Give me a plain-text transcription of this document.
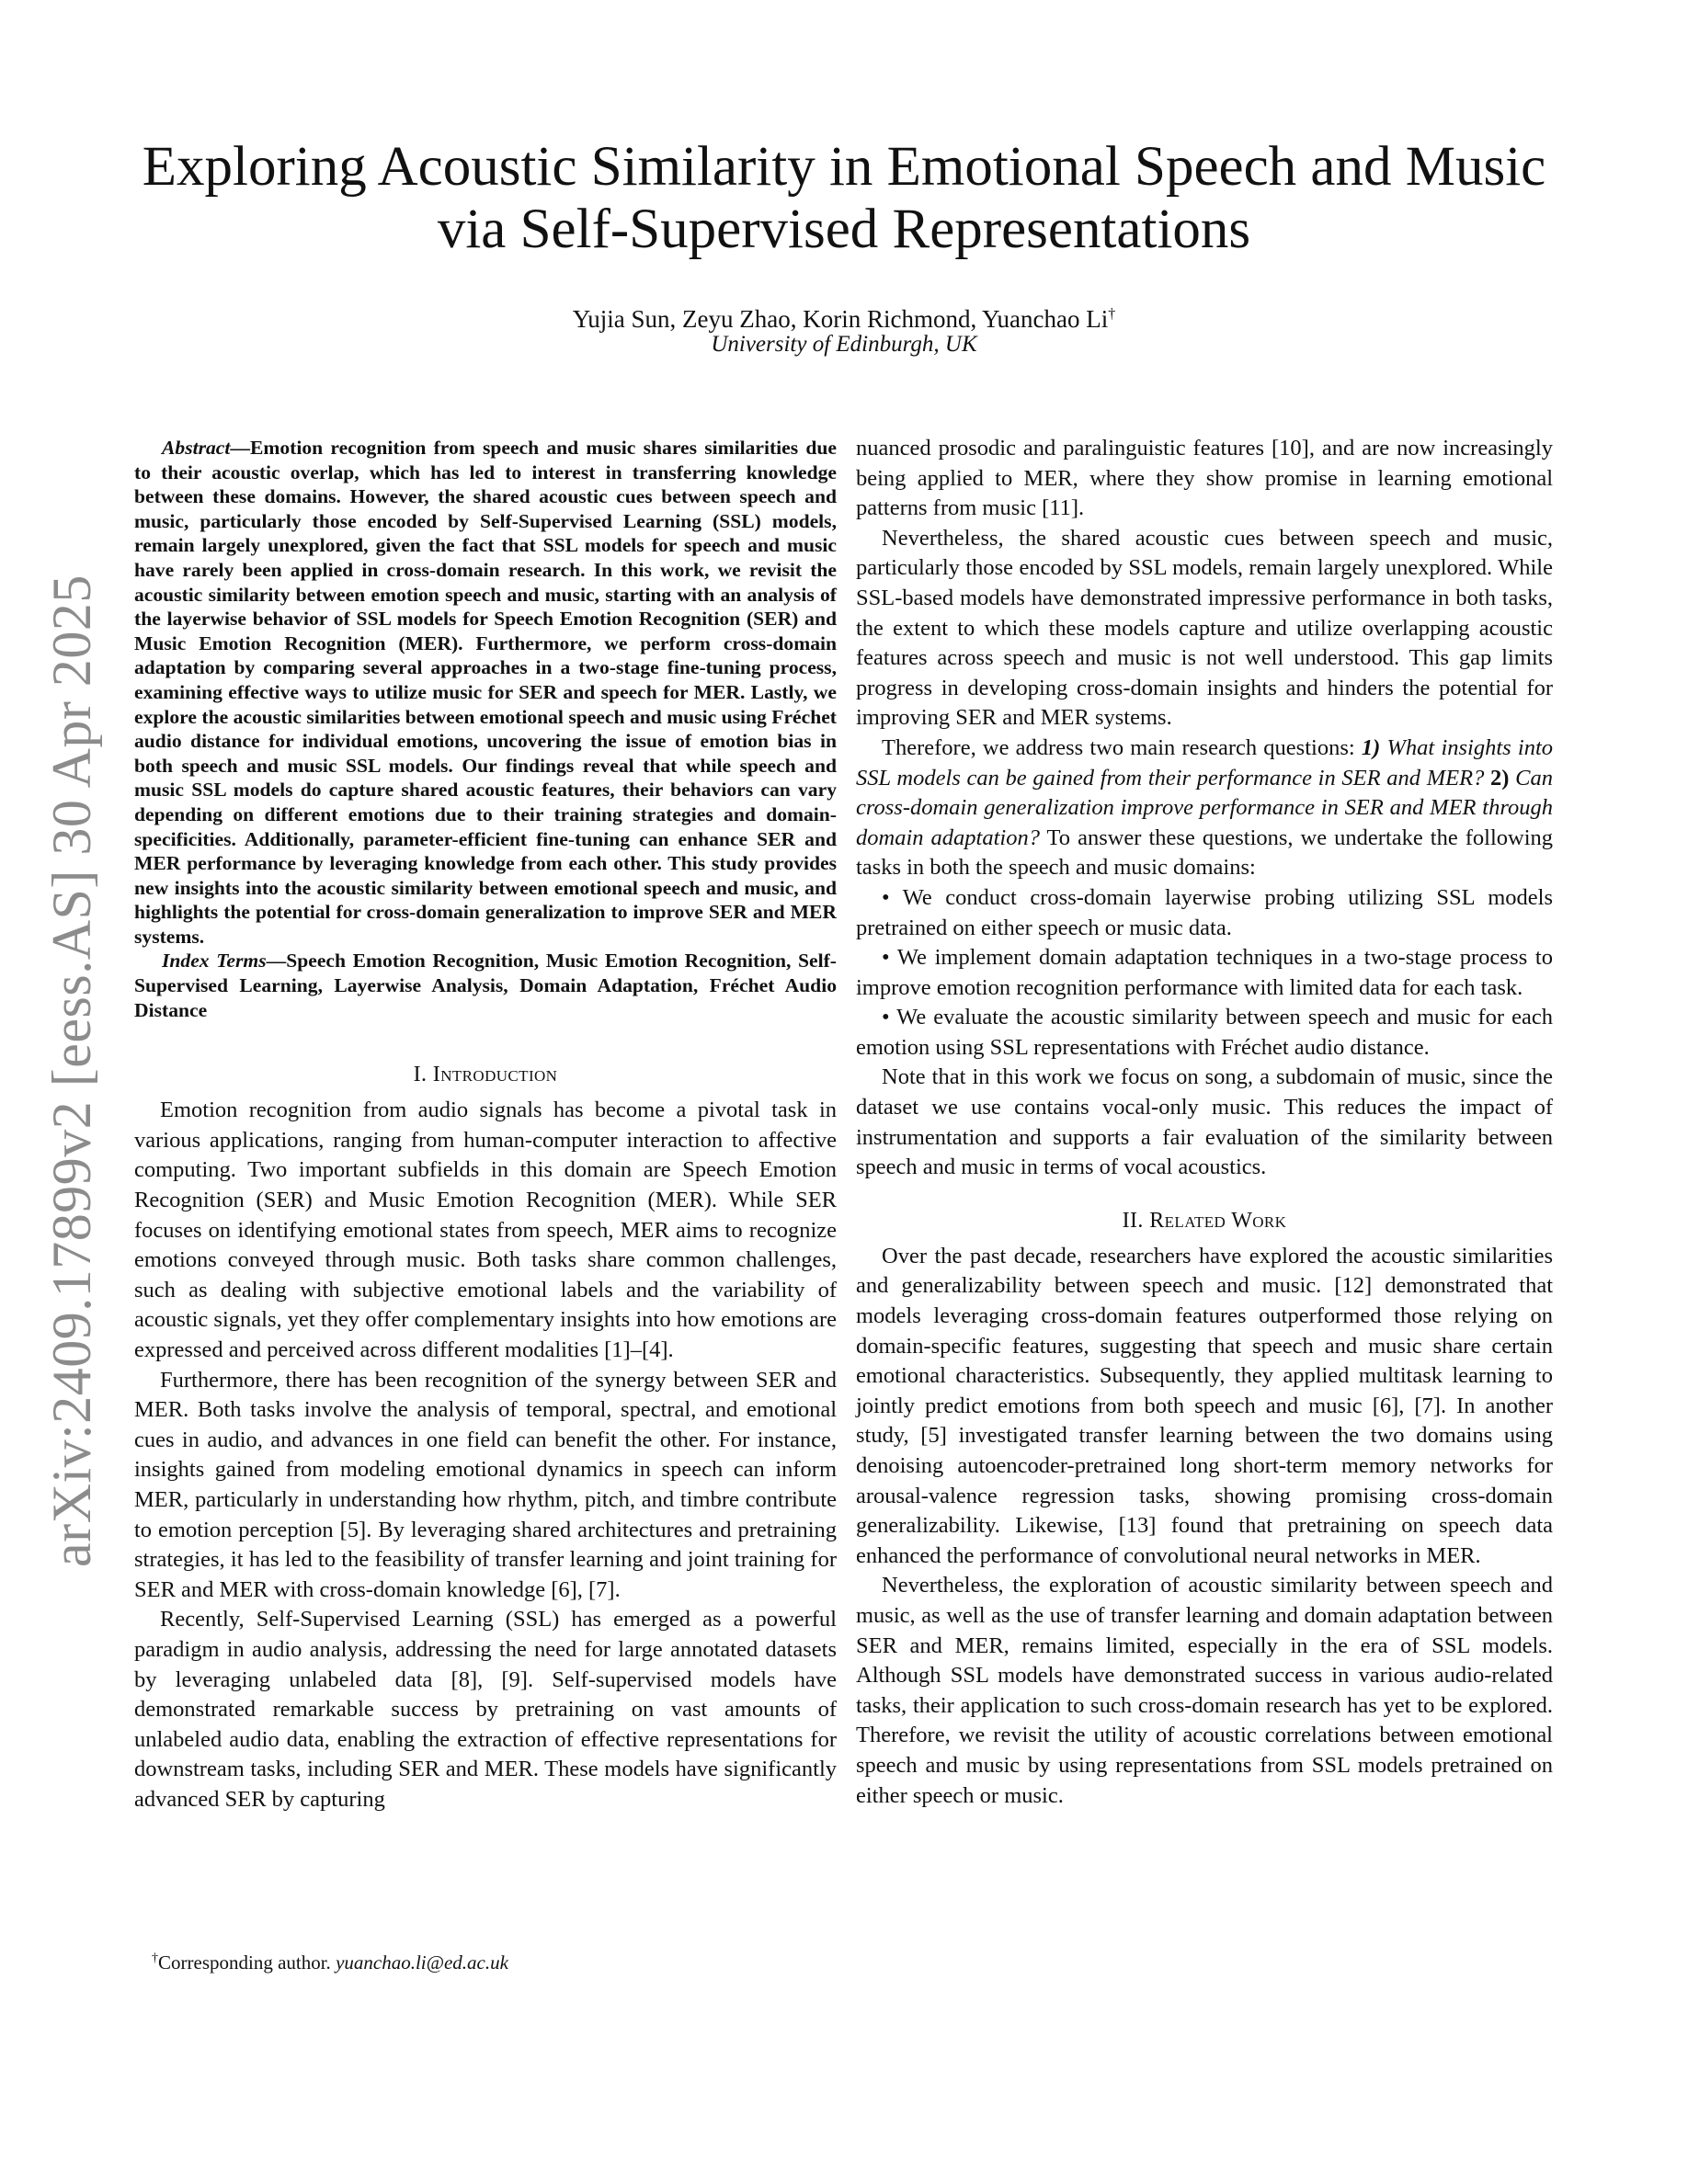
arXiv:2409.17899v2 [eess.AS] 30 Apr 2025
Exploring Acoustic Similarity in Emotional Speech and Music
via Self-Supervised Representations
Yujia Sun, Zeyu Zhao, Korin Richmond, Yuanchao Li†
University of Edinburgh, UK

Abstract—Emotion recognition from speech and music shares similarities due to their acoustic overlap, which has led to interest in transferring knowledge between these domains. However, the shared acoustic cues between speech and music, particularly those encoded by Self-Supervised Learning (SSL) models, remain largely unexplored, given the fact that SSL models for speech and music have rarely been applied in cross-domain research. In this work, we revisit the acoustic similarity between emotion speech and music, starting with an analysis of the layerwise behavior of SSL models for Speech Emotion Recognition (SER) and Music Emotion Recognition (MER). Furthermore, we perform cross-domain adaptation by comparing several approaches in a two-stage fine-tuning process, examining effective ways to utilize music for SER and speech for MER. Lastly, we explore the acoustic similarities between emotional speech and music using Fréchet audio distance for individual emotions, uncovering the issue of emotion bias in both speech and music SSL models. Our findings reveal that while speech and music SSL models do capture shared acoustic features, their behaviors can vary depending on different emotions due to their training strategies and domain-specificities. Additionally, parameter-efficient fine-tuning can enhance SER and MER performance by leveraging knowledge from each other. This study provides new insights into the acoustic similarity between emotional speech and music, and highlights the potential for cross-domain generalization to improve SER and MER systems.

Index Terms—Speech Emotion Recognition, Music Emotion Recognition, Self-Supervised Learning, Layerwise Analysis, Domain Adaptation, Fréchet Audio Distance

I. Introduction

Emotion recognition from audio signals has become a pivotal task in various applications, ranging from human-computer interaction to affective computing. Two important subfields in this domain are Speech Emotion Recognition (SER) and Music Emotion Recognition (MER). While SER focuses on identifying emotional states from speech, MER aims to recognize emotions conveyed through music. Both tasks share common challenges, such as dealing with subjective emotional labels and the variability of acoustic signals, yet they offer complementary insights into how emotions are expressed and perceived across different modalities [1]–[4].

Furthermore, there has been recognition of the synergy between SER and MER. Both tasks involve the analysis of temporal, spectral, and emotional cues in audio, and advances in one field can benefit the other. For instance, insights gained from modeling emotional dynamics in speech can inform MER, particularly in understanding how rhythm, pitch, and timbre contribute to emotion perception [5]. By leveraging shared architectures and pretraining strategies, it has led to the feasibility of transfer learning and joint training for SER and MER with cross-domain knowledge [6], [7].

Recently, Self-Supervised Learning (SSL) has emerged as a powerful paradigm in audio analysis, addressing the need for large annotated datasets by leveraging unlabeled data [8], [9]. Self-supervised models have demonstrated remarkable success by pretraining on vast amounts of unlabeled audio data, enabling the extraction of effective representations for downstream tasks, including SER and MER. These models have significantly advanced SER by capturing

†Corresponding author. yuanchao.li@ed.ac.uk

nuanced prosodic and paralinguistic features [10], and are now increasingly being applied to MER, where they show promise in learning emotional patterns from music [11].

Nevertheless, the shared acoustic cues between speech and music, particularly those encoded by SSL models, remain largely unexplored. While SSL-based models have demonstrated impressive performance in both tasks, the extent to which these models capture and utilize overlapping acoustic features across speech and music is not well understood. This gap limits progress in developing cross-domain insights and hinders the potential for improving SER and MER systems.

Therefore, we address two main research questions: 1) What insights into SSL models can be gained from their performance in SER and MER? 2) Can cross-domain generalization improve performance in SER and MER through domain adaptation? To answer these questions, we undertake the following tasks in both the speech and music domains:

• We conduct cross-domain layerwise probing utilizing SSL models pretrained on either speech or music data.

• We implement domain adaptation techniques in a two-stage process to improve emotion recognition performance with limited data for each task.

• We evaluate the acoustic similarity between speech and music for each emotion using SSL representations with Fréchet audio distance.

Note that in this work we focus on song, a subdomain of music, since the dataset we use contains vocal-only music. This reduces the impact of instrumentation and supports a fair evaluation of the similarity between speech and music in terms of vocal acoustics.

II. Related Work

Over the past decade, researchers have explored the acoustic similarities and generalizability between speech and music. [12] demonstrated that models leveraging cross-domain features outperformed those relying on domain-specific features, suggesting that speech and music share certain emotional characteristics. Subsequently, they applied multitask learning to jointly predict emotions from both speech and music [6], [7]. In another study, [5] investigated transfer learning between the two domains using denoising autoencoder-pretrained long short-term memory networks for arousal-valence regression tasks, showing promising cross-domain generalizability. Likewise, [13] found that pretraining on speech data enhanced the performance of convolutional neural networks in MER.

Nevertheless, the exploration of acoustic similarity between speech and music, as well as the use of transfer learning and domain adaptation between SER and MER, remains limited, especially in the era of SSL models. Although SSL models have demonstrated success in various audio-related tasks, their application to such cross-domain research has yet to be explored. Therefore, we revisit the utility of acoustic correlations between emotional speech and music by using representations from SSL models pretrained on either speech or music.
